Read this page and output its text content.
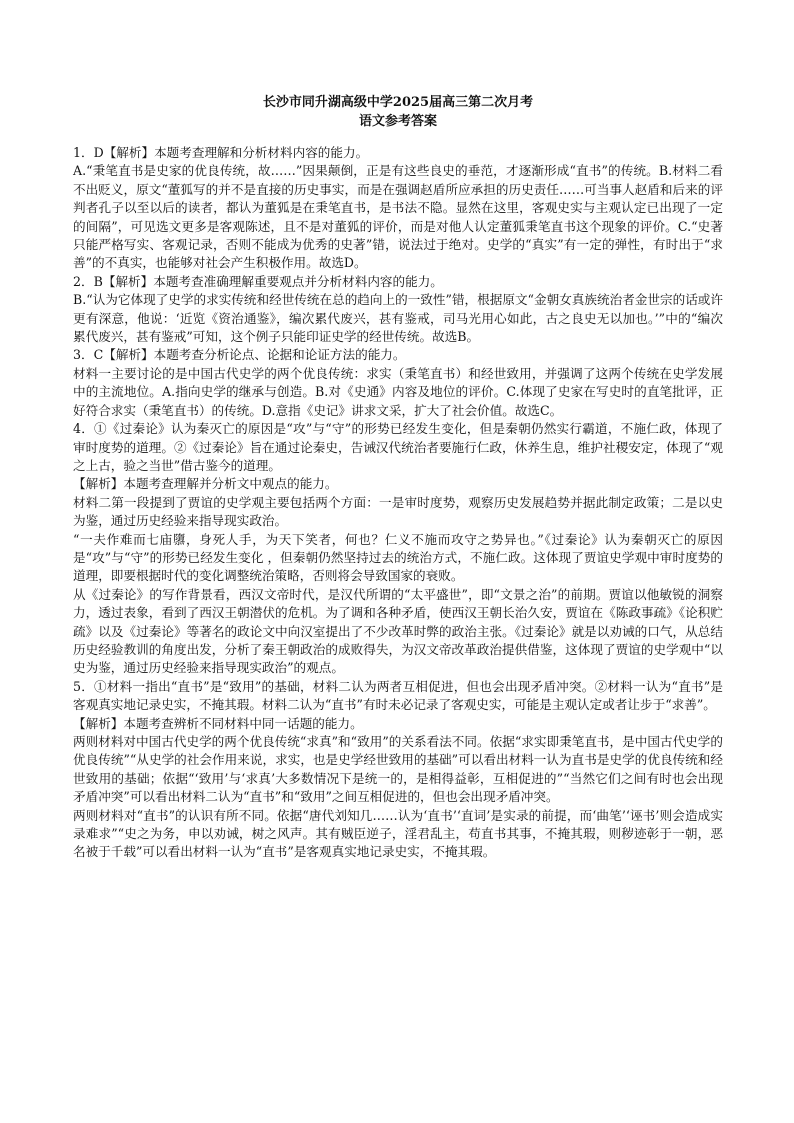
长沙市同升湖高级中学2025届高三第二次月考

语文参考答案

1．D【解析】本题考查理解和分析材料内容的能力。

A.“秉笔直书是史家的优良传统，故……”因果颠倒，正是有这些良史的垂范，才逐渐形成“直书”的传统。B.材料二看不出贬义，原文“董狐写的并不是直接的历史事实，而是在强调赵盾所应承担的历史责任……可当事人赵盾和后来的评判者孔子以至以后的读者，都认为董狐是在秉笔直书，是书法不隐。显然在这里，客观史实与主观认定已出现了一定的间隔”，可见选文更多是客观陈述，且不是对董狐的评价，而是对他人认定董狐秉笔直书这个现象的评价。C.“史著只能严格写实、客观记录，否则不能成为优秀的史著”错，说法过于绝对。史学的“真实”有一定的弹性，有时出于“求善”的不真实，也能够对社会产生积极作用。故选D。

2．B【解析】本题考查准确理解重要观点并分析材料内容的能力。

B.“认为它体现了史学的求实传统和经世传统在总的趋向上的一致性”错，根据原文“金朝女真族统治者金世宗的话或许更有深意，他说：‘近览《资治通鉴》，编次累代废兴，甚有鉴戒，司马光用心如此，古之良史无以加也。’”中的“编次累代废兴，甚有鉴戒”可知，这个例子只能印证史学的经世传统。故选B。

3．C【解析】本题考查分析论点、论据和论证方法的能力。

材料一主要讨论的是中国古代史学的两个优良传统：求实（秉笔直书）和经世致用，并强调了这两个传统在史学发展中的主流地位。A.指向史学的继承与创造。B.对《史通》内容及地位的评价。C.体现了史家在写史时的直笔批评，正好符合求实（秉笔直书）的传统。D.意指《史记》讲求文采，扩大了社会价值。故选C。

4．①《过秦论》认为秦灭亡的原因是“攻”与“守”的形势已经发生变化，但是秦朝仍然实行霸道，不施仁政，体现了审时度势的道理。②《过秦论》旨在通过论秦史，告诫汉代统治者要施行仁政，休养生息，维护社稷安定，体现了“观之上古，验之当世”借古鉴今的道理。

【解析】本题考查理解并分析文中观点的能力。

材料二第一段提到了贾谊的史学观主要包括两个方面：一是审时度势，观察历史发展趋势并据此制定政策；二是以史为鉴，通过历史经验来指导现实政治。

“一夫作难而七庙隳，身死人手，为天下笑者，何也？仁义不施而攻守之势异也。”《过秦论》认为秦朝灭亡的原因是“攻”与“守”的形势已经发生变化 ，但秦朝仍然坚持过去的统治方式，不施仁政。这体现了贾谊史学观中审时度势的道理，即要根据时代的变化调整统治策略，否则将会导致国家的衰败。

从《过秦论》的写作背景看，西汉文帝时代，是汉代所谓的“太平盛世”，即“文景之治”的前期。贾谊以他敏锐的洞察力，透过表象，看到了西汉王朝潜伏的危机。为了调和各种矛盾，使西汉王朝长治久安，贾谊在《陈政事疏》《论积贮疏》以及《过秦论》等著名的政论文中向汉室提出了不少改革时弊的政治主张。《过秦论》就是以劝诫的口气，从总结历史经验教训的角度出发，分析了秦王朝政治的成败得失，为汉文帝改革政治提供借鉴，这体现了贾谊的史学观中“以史为鉴，通过历史经验来指导现实政治”的观点。

5．①材料一指出“直书”是“致用”的基础，材料二认为两者互相促进，但也会出现矛盾冲突。②材料一认为“直书”是客观真实地记录史实，不掩其瑕。材料二认为“直书”有时未必记录了客观史实，可能是主观认定或者让步于“求善”。

【解析】本题考查辨析不同材料中同一话题的能力。

两则材料对中国古代史学的两个优良传统“求真”和“致用”的关系看法不同。依据“求实即秉笔直书，是中国古代史学的优良传统”“从史学的社会作用来说，求实，也是史学经世致用的基础”可以看出材料一认为直书是史学的优良传统和经世致用的基础；依据“‘致用’与‘求真’大多数情况下是统一的，是相得益彰，互相促进的”“当然它们之间有时也会出现矛盾冲突”可以看出材料二认为“直书”和“致用”之间互相促进的，但也会出现矛盾冲突。

两则材料对“直书”的认识有所不同。依据“唐代刘知几……认为‘直书’‘直词’是实录的前提，而‘曲笔’‘诬书’则会造成实录难求”“史之为务，申以劝诫，树之风声。其有贼臣逆子，淫君乱主，苟直书其事，不掩其瑕，则秽迹彰于一朝，恶名被于千载”可以看出材料一认为“直书”是客观真实地记录史实，不掩其瑕。
